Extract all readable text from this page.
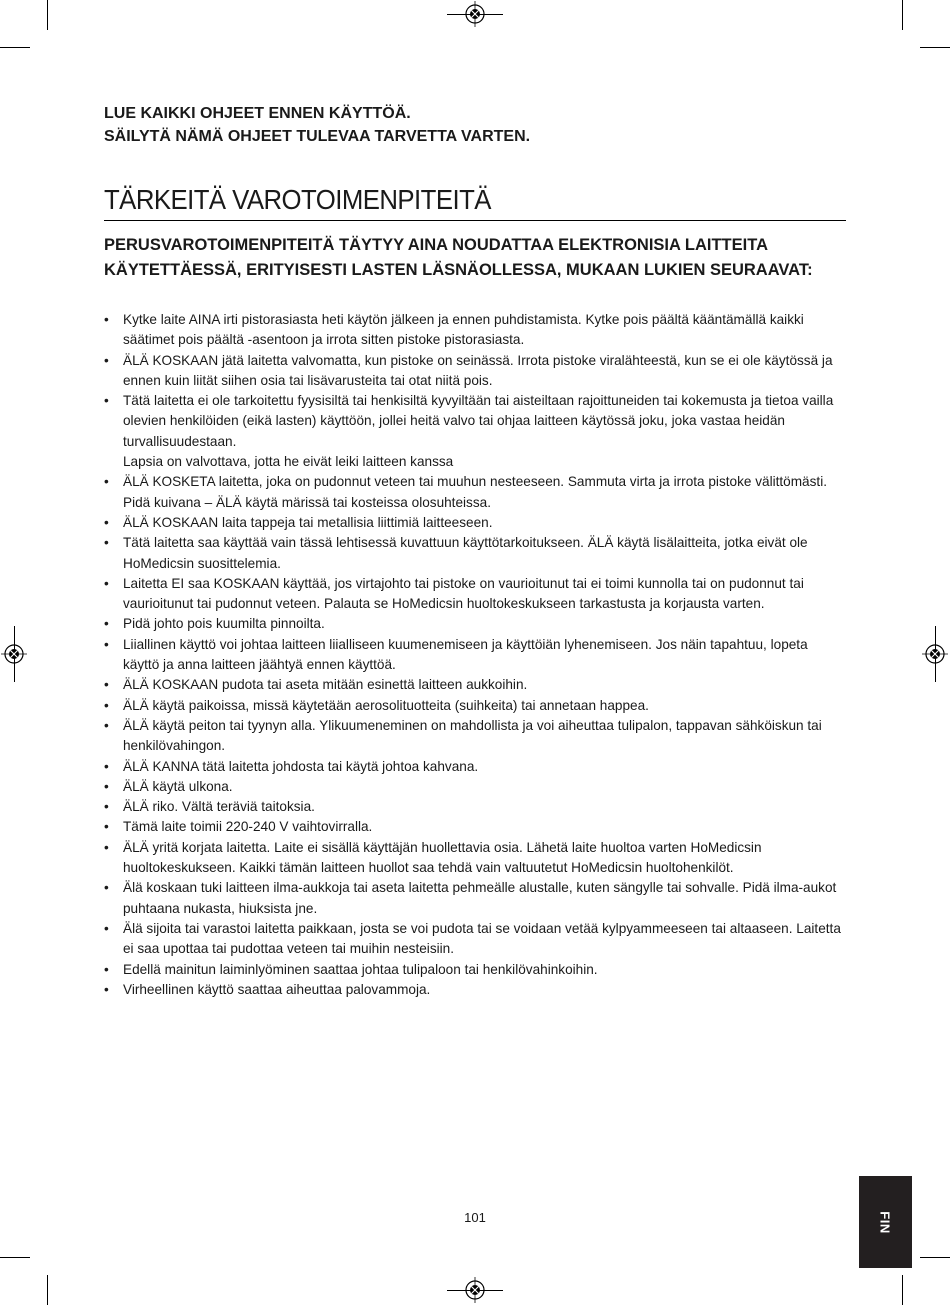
LUE KAIKKI OHJEET ENNEN KÄYTTÖÄ.
SÄILYTÄ NÄMÄ OHJEET TULEVAA TARVETTA VARTEN.

TÄRKEITÄ VAROTOIMENPITEITÄ
PERUSVAROTOIMENPITEITÄ TÄYTYY AINA NOUDATTAA ELEKTRONISIA LAITTEITA KÄYTETTÄESSÄ, ERITYISESTI LASTEN LÄSNÄOLLESSA, MUKAAN LUKIEN SEURAAVAT:
• Kytke laite AINA irti pistorasiasta heti käytön jälkeen ja ennen puhdistamista. Kytke pois päältä kääntämällä kaikki säätimet pois päältä -asentoon ja irrota sitten pistoke pistorasiasta.
• ÄLÄ KOSKAAN jätä laitetta valvomatta, kun pistoke on seinässä. Irrota pistoke viralähteestä, kun se ei ole käytössä ja ennen kuin liität siihen osia tai lisävarusteita tai otat niitä pois.
• Tätä laitetta ei ole tarkoitettu fyysisiltä tai henkisiltä kyvyiltään tai aisteiltaan rajoittuneiden tai kokemusta ja tietoa vailla olevien henkilöiden (eikä lasten) käyttöön, jollei heitä valvo tai ohjaa laitteen käytössä joku, joka vastaa heidän turvallisuudestaan.
Lapsia on valvottava, jotta he eivät leiki laitteen kanssa
• ÄLÄ KOSKETA laitetta, joka on pudonnut veteen tai muuhun nesteeseen. Sammuta virta ja irrota pistoke välittömästi. Pidä kuivana – ÄLÄ käytä märissä tai kosteissa olosuhteissa.
• ÄLÄ KOSKAAN laita tappeja tai metallisia liittimiä laitteeseen.
• Tätä laitetta saa käyttää vain tässä lehtisessä kuvattuun käyttötarkoitukseen. ÄLÄ käytä lisälaitteita, jotka eivät ole HoMedicsin suosittelemia.
• Laitetta EI saa KOSKAAN käyttää, jos virtajohto tai pistoke on vaurioitunut tai ei toimi kunnolla tai on pudonnut tai vaurioitunut tai pudonnut veteen. Palauta se HoMedicsin huoltokeskukseen tarkastusta ja korjausta varten.
• Pidä johto pois kuumilta pinnoilta.
• Liiallinen käyttö voi johtaa laitteen liialliseen kuumenemiseen ja käyttöiän lyhenemiseen. Jos näin tapahtuu, lopeta käyttö ja anna laitteen jäähtyä ennen käyttöä.
• ÄLÄ KOSKAAN pudota tai aseta mitään esinettä laitteen aukkoihin.
• ÄLÄ käytä paikoissa, missä käytetään aerosolituotteita (suihkeita) tai annetaan happea.
• ÄLÄ käytä peiton tai tyynyn alla. Ylikuumeneminen on mahdollista ja voi aiheuttaa tulipalon, tappavan sähköiskun tai henkilövahingon.
• ÄLÄ KANNA tätä laitetta johdosta tai käytä johtoa kahvana.
• ÄLÄ käytä ulkona.
• ÄLÄ riko. Vältä teräviä taitoksia.
• Tämä laite toimii 220-240 V vaihtovirralla.
• ÄLÄ yritä korjata laitetta. Laite ei sisällä käyttäjän huollettavia osia. Lähetä laite huoltoa varten HoMedicsin huoltokeskukseen. Kaikki tämän laitteen huollot saa tehdä vain valtuutetut HoMedicsin huoltohenkilöt.
• Älä koskaan tuki laitteen ilma-aukkoja tai aseta laitetta pehmeälle alustalle, kuten sängylle tai sohvalle. Pidä ilma-aukot puhtaana nukasta, hiuksista jne.
• Älä sijoita tai varastoi laitetta paikkaan, josta se voi pudota tai se voidaan vetää kylpyammeeseen tai altaaseen. Laitetta ei saa upottaa tai pudottaa veteen tai muihin nesteisiin.
• Edellä mainitun laiminlyöminen saattaa johtaa tulipaloon tai henkilövahinkoihin.
• Virheellinen käyttö saattaa aiheuttaa palovammoja.
101	FIN
